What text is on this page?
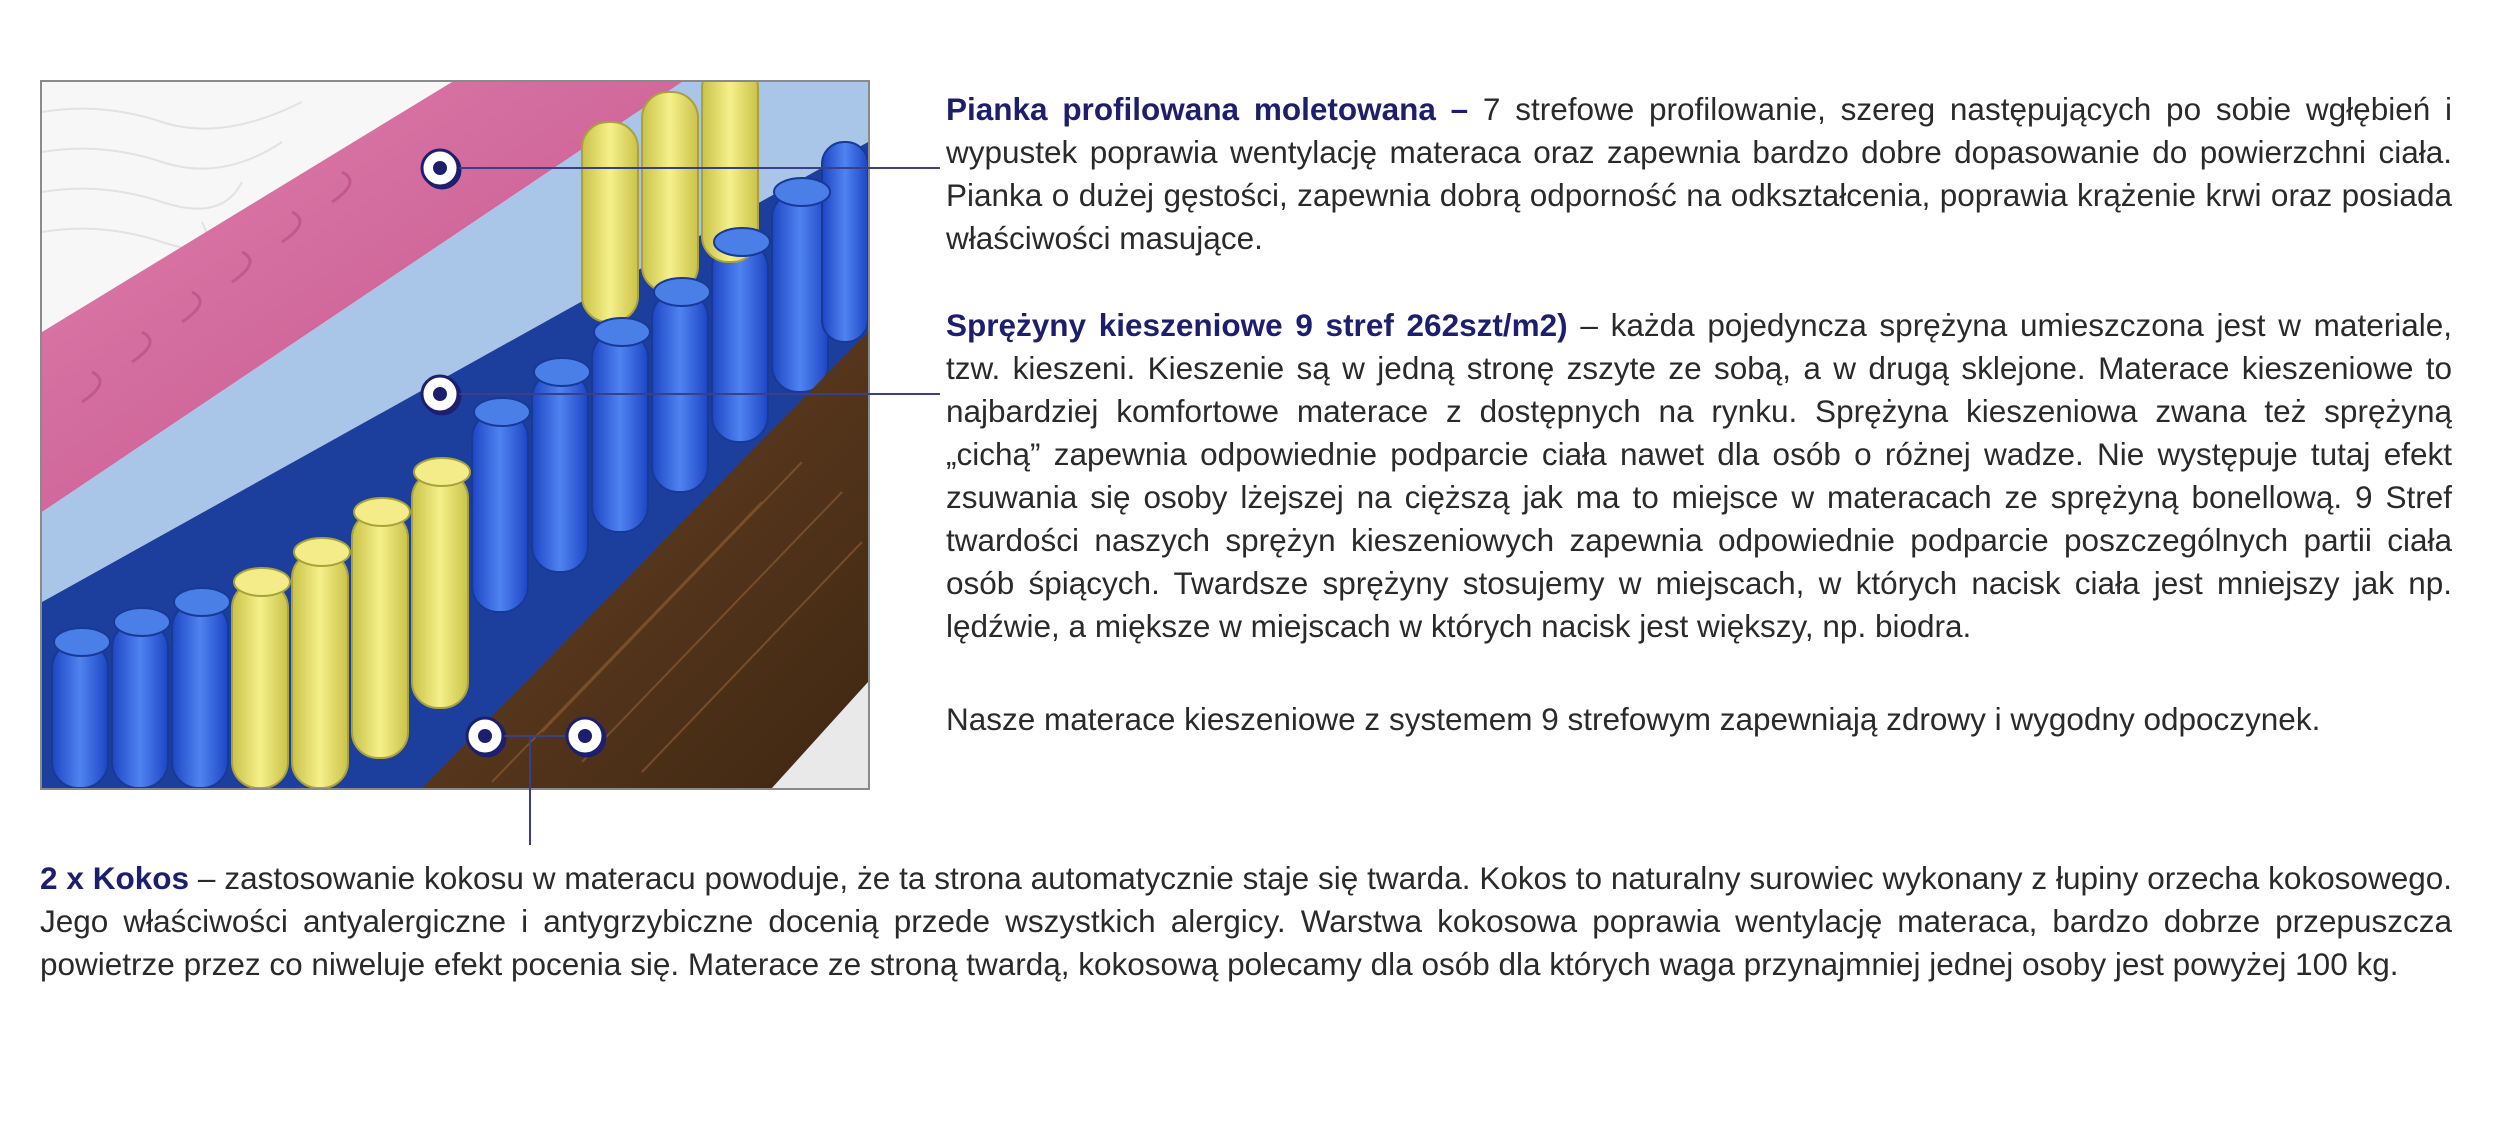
Pianka profilowana moletowana – 7 strefowe profilowanie, szereg następujących po sobie wgłębień i wypustek poprawia wentylację materaca oraz zapewnia bardzo dobre dopasowanie do powierzchni ciała. Pianka o dużej gęstości, zapewnia dobrą odporność na odkształcenia, poprawia krążenie krwi oraz posiada właściwości masujące.

Sprężyny kieszeniowe 9 stref 262szt/m2) – każda pojedyncza sprężyna umieszczona jest w materiale, tzw. kieszeni. Kieszenie są w jedną stronę zszyte ze sobą, a w drugą sklejone. Materace kieszeniowe to najbardziej komfortowe materace z dostępnych na rynku. Sprężyna kieszeniowa zwana też sprężyną „cichą” zapewnia odpowiednie podparcie ciała nawet dla osób o różnej wadze. Nie występuje tutaj efekt zsuwania się osoby lżejszej na cięższą jak ma to miejsce w materacach ze sprężyną bonellową. 9 Stref twardości naszych sprężyn kieszeniowych zapewnia odpowiednie podparcie poszczególnych partii ciała osób śpiących. Twardsze sprężyny stosujemy w miejscach, w których nacisk ciała jest mniejszy jak np. lędźwie, a miększe w miejscach w których nacisk jest większy, np. biodra.

Nasze materace kieszeniowe z systemem 9 strefowym zapewniają zdrowy i wygodny odpoczynek.

2 x Kokos – zastosowanie kokosu w materacu powoduje, że ta strona automatycznie staje się twarda. Kokos to naturalny surowiec wykonany z łupiny orzecha kokosowego. Jego właściwości antyalergiczne i antygrzybiczne docenią przede wszystkich alergicy. Warstwa kokosowa poprawia wentylację materaca, bardzo dobrze przepuszcza powietrze przez co niweluje efekt pocenia się. Materace ze stroną twardą, kokosową polecamy dla osób dla których waga przynajmniej jednej osoby jest powyżej 100 kg.
